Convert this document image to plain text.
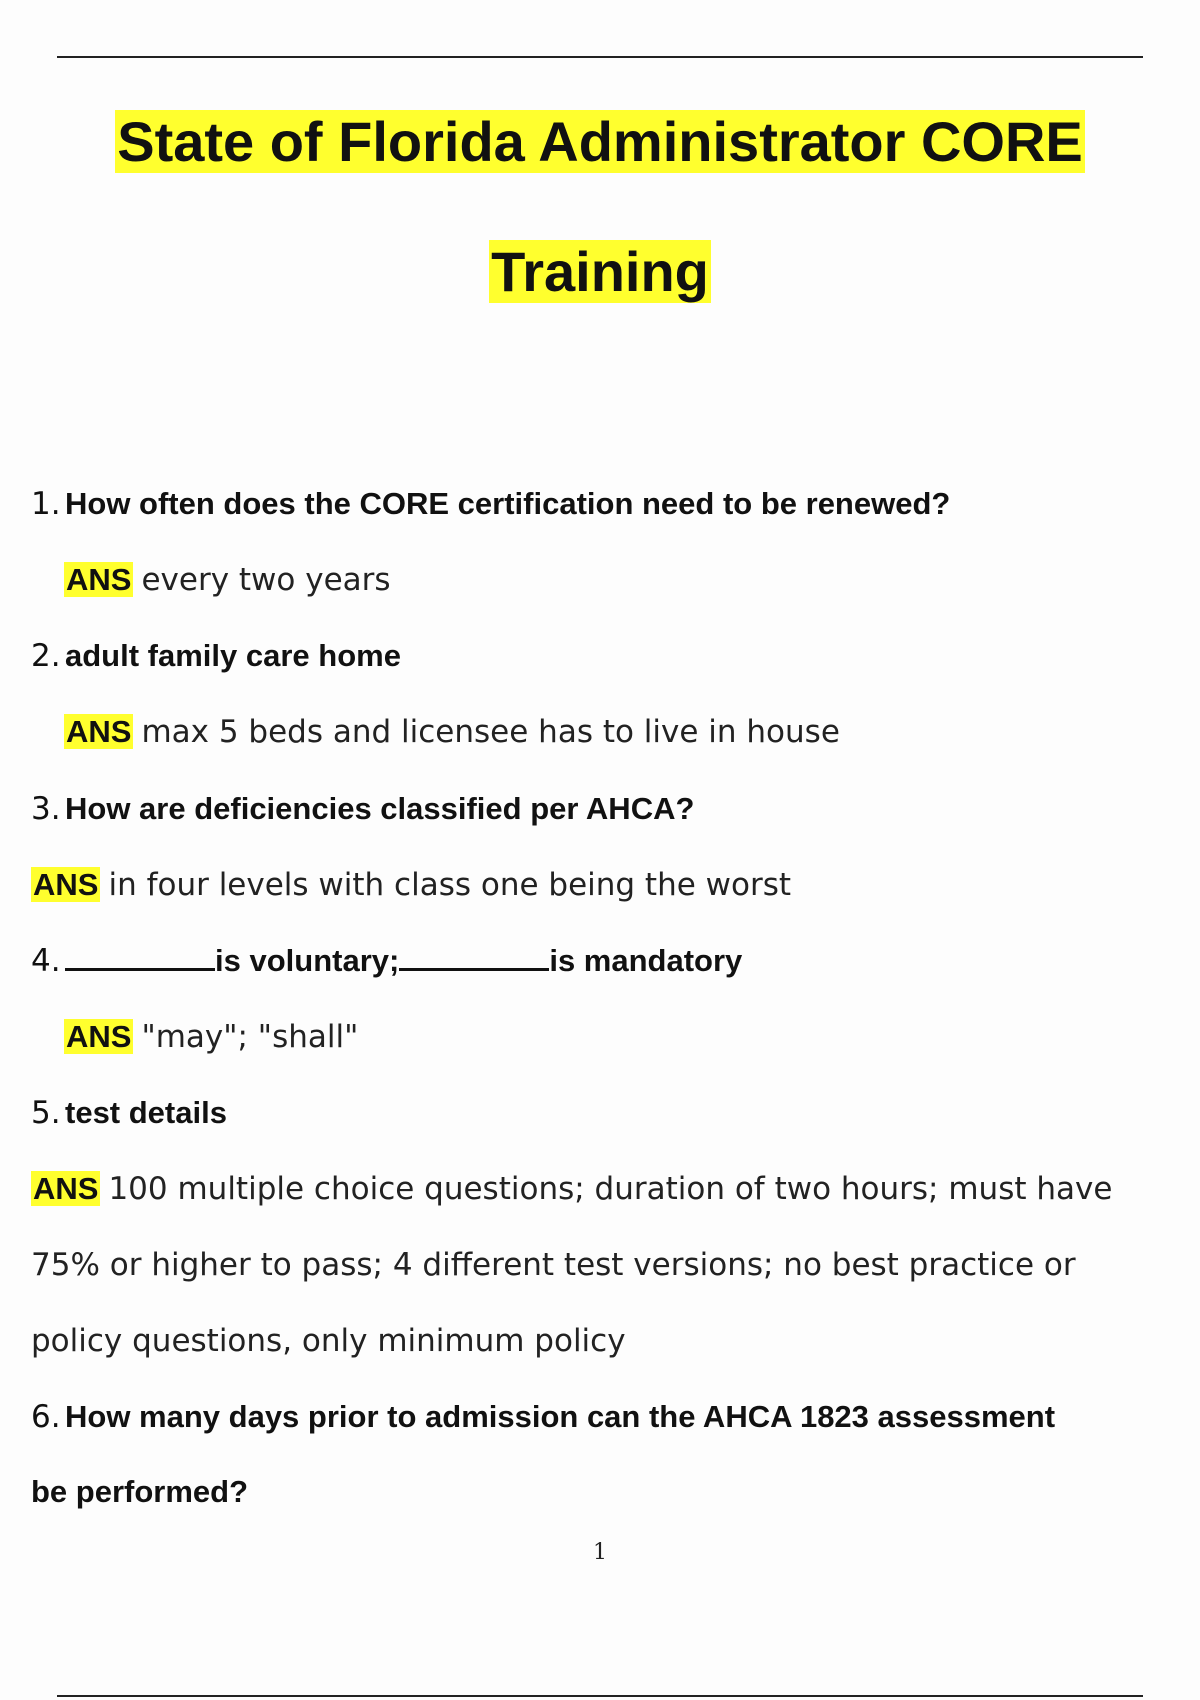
State of Florida Administrator CORE
Training
1. How often does the CORE certification need to be renewed?
ANS every two years
2. adult family care home
ANS max 5 beds and licensee has to live in house
3. How are deficiencies classified per AHCA?
ANS in four levels with class one being the worst
4.	is voluntary;	is mandatory
ANS "may"; "shall"
5. test details
ANS 100 multiple choice questions; duration of two hours; must have
75% or higher to pass; 4 different test versions; no best practice or
policy questions, only minimum policy
6. How many days prior to admission can the AHCA 1823 assessment
be performed?
1
